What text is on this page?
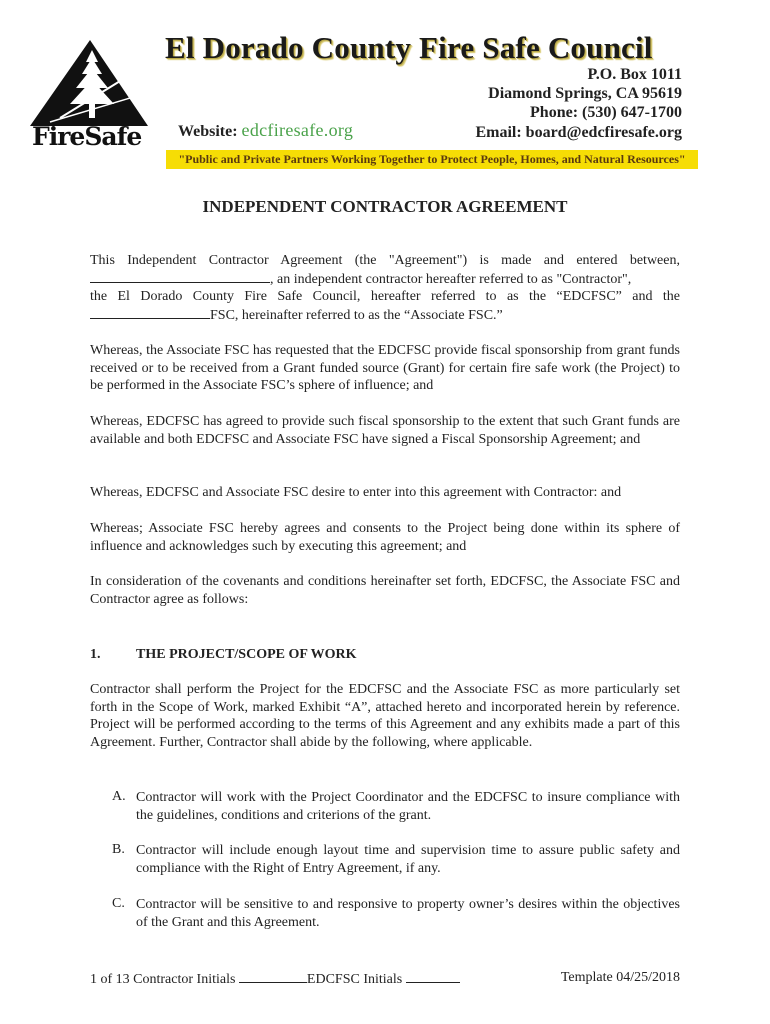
FireSafe
El Dorado County Fire Safe Council
P.O. Box 1011
Diamond Springs, CA 95619
Phone: (530) 647-1700
Email: board@edcfiresafe.org
Website: edcfiresafe.org
"Public and Private Partners Working Together to Protect People, Homes, and Natural Resources"
INDEPENDENT CONTRACTOR AGREEMENT
This Independent Contractor Agreement (the "Agreement") is made and entered between,
, an independent contractor hereafter referred to as "Contractor",
the El Dorado County Fire Safe Council, hereafter referred to as the “EDCFSC” and the
FSC, hereinafter referred to as the “Associate FSC.”
Whereas, the Associate FSC has requested that the EDCFSC provide fiscal sponsorship from grant funds received or to be received from a Grant funded source (Grant) for certain fire safe work (the Project) to be performed in the Associate FSC’s sphere of influence; and
Whereas, EDCFSC has agreed to provide such fiscal sponsorship to the extent that such Grant funds are available and both EDCFSC and Associate FSC have signed a Fiscal Sponsorship Agreement; and
Whereas, EDCFSC and Associate FSC desire to enter into this agreement with Contractor: and
Whereas; Associate FSC hereby agrees and consents to the Project being done within its sphere of influence and acknowledges such by executing this agreement; and
In consideration of the covenants and conditions hereinafter set forth, EDCFSC, the Associate FSC and Contractor agree as follows:
1.	THE PROJECT/SCOPE OF WORK
Contractor shall perform the Project for the EDCFSC and the Associate FSC as more particularly set forth in the Scope of Work, marked Exhibit “A”, attached hereto and incorporated herein by reference. Project will be performed according to the terms of this Agreement and any exhibits made a part of this Agreement. Further, Contractor shall abide by the following, where applicable.
A. Contractor will work with the Project Coordinator and the EDCFSC to insure compliance with the guidelines, conditions and criterions of the grant.
B. Contractor will include enough layout time and supervision time to assure public safety and compliance with the Right of Entry Agreement, if any.
C. Contractor will be sensitive to and responsive to property owner’s desires within the objectives of the Grant and this Agreement.
1 of 13 Contractor Initials	EDCFSC Initials	Template 04/25/2018
